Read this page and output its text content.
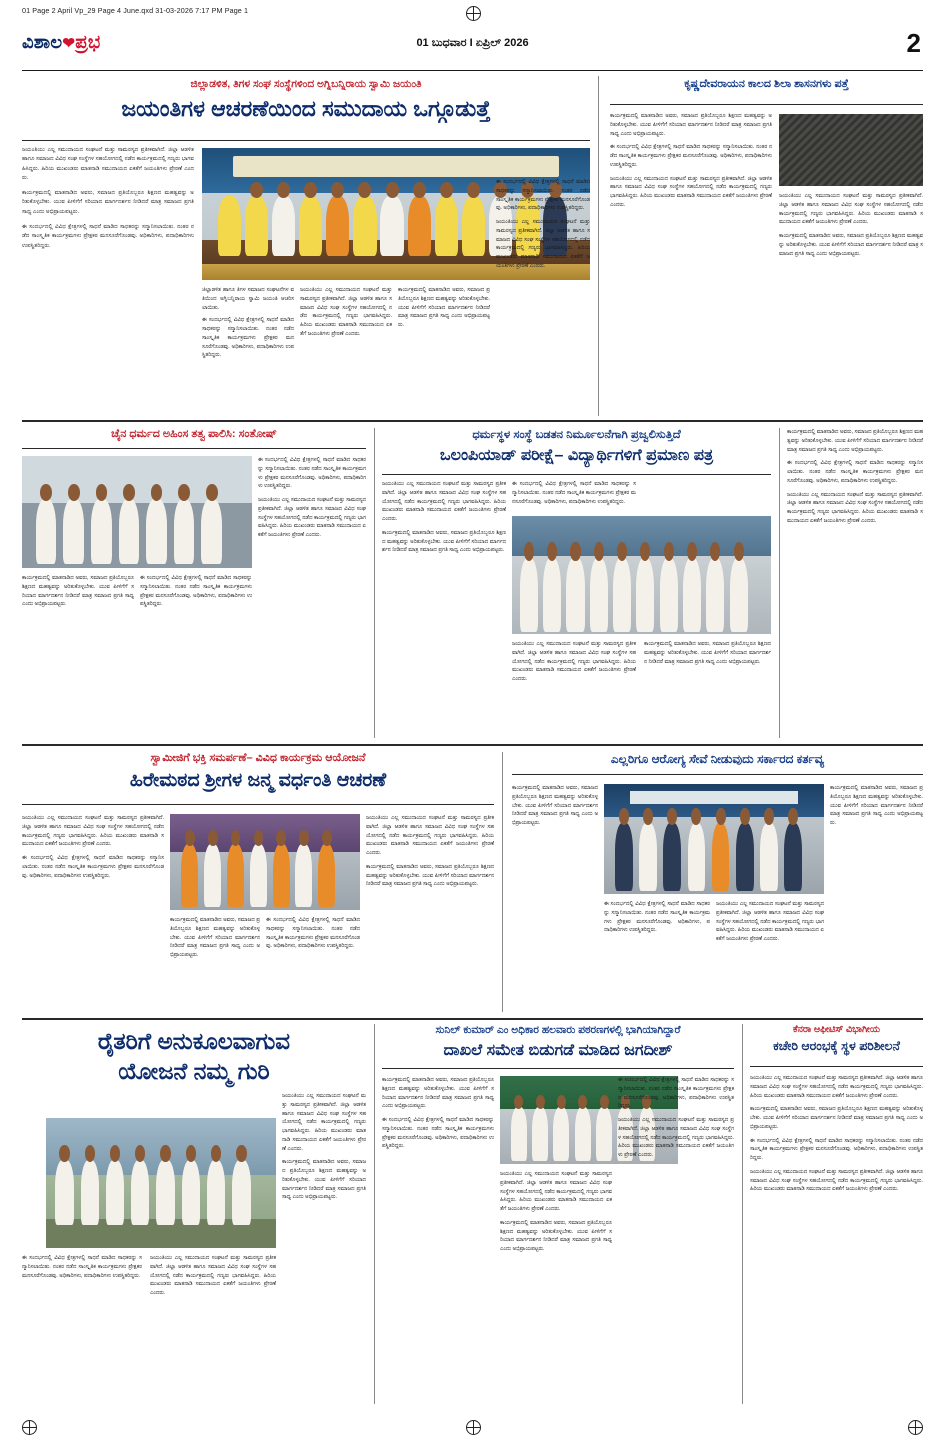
01 Page 2 April Vp_29 Page 4 June.qxd 31-03-2026 7:17 PM Page 1
ವಿಶಾಲ❤ಪ್ರಭ	01 ಬುಧವಾರ I ಏಪ್ರಿಲ್ 2026	2
ಜಿಲ್ಲಾಡಳಿತ, ತಿಗಳ ಸಂಘ ಸಂಸ್ಥೆಗಳಿಂದ ಅಗ್ನಿಬನ್ನಿರಾಯ ಸ್ವಾಮಿ ಜಯಂತಿ
ಜಯಂತಿಗಳ ಆಚರಣೆಯಿಂದ ಸಮುದಾಯ ಒಗ್ಗೂಡುತ್ತೆ
ಜಯಂತಿಯು ಎಲ್ಲ ಸಮುದಾಯದ ಸಂಘಟನೆ ಮತ್ತು ಸಾಮರಸ್ಯದ ಪ್ರತೀಕವಾಗಿದೆ. ಜಿಲ್ಲಾ ಆಡಳಿತ ಹಾಗೂ ಸಮಾಜದ ವಿವಿಧ ಸಂಘ ಸಂಸ್ಥೆಗಳ ಸಹಯೋಗದಲ್ಲಿ ನಡೆದ ಕಾರ್ಯಕ್ರಮದಲ್ಲಿ ಗಣ್ಯರು ಭಾಗವಹಿಸಿದ್ದರು. ಹಿರಿಯ ಮುಖಂಡರು ಮಾತನಾಡಿ ಸಮುದಾಯದ ಏಕತೆಗೆ ಜಯಂತಿಗಳು ಪ್ರೇರಣೆ ಎಂದರು.
ಕಾರ್ಯಕ್ರಮದಲ್ಲಿ ಮಾತನಾಡಿದ ಅವರು, ಸಮಾಜದ ಪ್ರತಿಯೊಬ್ಬರೂ ಶಿಕ್ಷಣದ ಮಹತ್ವವನ್ನು ಅರಿತುಕೊಳ್ಳಬೇಕು. ಯುವ ಪೀಳಿಗೆಗೆ ಸರಿಯಾದ ಮಾರ್ಗದರ್ಶನ ನೀಡಿದರೆ ಮಾತ್ರ ಸಮಾಜದ ಪ್ರಗತಿ ಸಾಧ್ಯ ಎಂದು ಅಭಿಪ್ರಾಯಪಟ್ಟರು.
ಈ ಸಂದರ್ಭದಲ್ಲಿ ವಿವಿಧ ಕ್ಷೇತ್ರಗಳಲ್ಲಿ ಸಾಧನೆ ಮಾಡಿದ ಸಾಧಕರನ್ನು ಸನ್ಮಾನಿಸಲಾಯಿತು. ನಂತರ ನಡೆದ ಸಾಂಸ್ಕೃತಿಕ ಕಾರ್ಯಕ್ರಮಗಳು ಪ್ರೇಕ್ಷಕರ ಮನಸೂರೆಗೊಂಡವು. ಅಧಿಕಾರಿಗಳು, ಪದಾಧಿಕಾರಿಗಳು ಉಪಸ್ಥಿತರಿದ್ದರು.
ಜಿಲ್ಲಾಡಳಿತ ಹಾಗೂ ತಿಗಳ ಸಮಾಜದ ಸಂಘಟನೆಗಳ ವತಿಯಿಂದ ಅಗ್ನಿಬನ್ನಿರಾಯ ಸ್ವಾಮಿ ಜಯಂತಿ ಆಚರಿಸಲಾಯಿತು.
ಈ ಸಂದರ್ಭದಲ್ಲಿ ವಿವಿಧ ಕ್ಷೇತ್ರಗಳಲ್ಲಿ ಸಾಧನೆ ಮಾಡಿದ ಸಾಧಕರನ್ನು ಸನ್ಮಾನಿಸಲಾಯಿತು. ನಂತರ ನಡೆದ ಸಾಂಸ್ಕೃತಿಕ ಕಾರ್ಯಕ್ರಮಗಳು ಪ್ರೇಕ್ಷಕರ ಮನಸೂರೆಗೊಂಡವು. ಅಧಿಕಾರಿಗಳು, ಪದಾಧಿಕಾರಿಗಳು ಉಪಸ್ಥಿತರಿದ್ದರು.
ಜಯಂತಿಯು ಎಲ್ಲ ಸಮುದಾಯದ ಸಂಘಟನೆ ಮತ್ತು ಸಾಮರಸ್ಯದ ಪ್ರತೀಕವಾಗಿದೆ. ಜಿಲ್ಲಾ ಆಡಳಿತ ಹಾಗೂ ಸಮಾಜದ ವಿವಿಧ ಸಂಘ ಸಂಸ್ಥೆಗಳ ಸಹಯೋಗದಲ್ಲಿ ನಡೆದ ಕಾರ್ಯಕ್ರಮದಲ್ಲಿ ಗಣ್ಯರು ಭಾಗವಹಿಸಿದ್ದರು. ಹಿರಿಯ ಮುಖಂಡರು ಮಾತನಾಡಿ ಸಮುದಾಯದ ಏಕತೆಗೆ ಜಯಂತಿಗಳು ಪ್ರೇರಣೆ ಎಂದರು.
ಕಾರ್ಯಕ್ರಮದಲ್ಲಿ ಮಾತನಾಡಿದ ಅವರು, ಸಮಾಜದ ಪ್ರತಿಯೊಬ್ಬರೂ ಶಿಕ್ಷಣದ ಮಹತ್ವವನ್ನು ಅರಿತುಕೊಳ್ಳಬೇಕು. ಯುವ ಪೀಳಿಗೆಗೆ ಸರಿಯಾದ ಮಾರ್ಗದರ್ಶನ ನೀಡಿದರೆ ಮಾತ್ರ ಸಮಾಜದ ಪ್ರಗತಿ ಸಾಧ್ಯ ಎಂದು ಅಭಿಪ್ರಾಯಪಟ್ಟರು.
ಈ ಸಂದರ್ಭದಲ್ಲಿ ವಿವಿಧ ಕ್ಷೇತ್ರಗಳಲ್ಲಿ ಸಾಧನೆ ಮಾಡಿದ ಸಾಧಕರನ್ನು ಸನ್ಮಾನಿಸಲಾಯಿತು. ನಂತರ ನಡೆದ ಸಾಂಸ್ಕೃತಿಕ ಕಾರ್ಯಕ್ರಮಗಳು ಪ್ರೇಕ್ಷಕರ ಮನಸೂರೆಗೊಂಡವು. ಅಧಿಕಾರಿಗಳು, ಪದಾಧಿಕಾರಿಗಳು ಉಪಸ್ಥಿತರಿದ್ದರು.
ಜಯಂತಿಯು ಎಲ್ಲ ಸಮುದಾಯದ ಸಂಘಟನೆ ಮತ್ತು ಸಾಮರಸ್ಯದ ಪ್ರತೀಕವಾಗಿದೆ. ಜಿಲ್ಲಾ ಆಡಳಿತ ಹಾಗೂ ಸಮಾಜದ ವಿವಿಧ ಸಂಘ ಸಂಸ್ಥೆಗಳ ಸಹಯೋಗದಲ್ಲಿ ನಡೆದ ಕಾರ್ಯಕ್ರಮದಲ್ಲಿ ಗಣ್ಯರು ಭಾಗವಹಿಸಿದ್ದರು. ಹಿರಿಯ ಮುಖಂಡರು ಮಾತನಾಡಿ ಸಮುದಾಯದ ಏಕತೆಗೆ ಜಯಂತಿಗಳು ಪ್ರೇರಣೆ ಎಂದರು.
ಕೃಷ್ಣದೇವರಾಯನ ಕಾಲದ ಶಿಲಾ ಶಾಸನಗಳು ಪತ್ತೆ
ಕಾರ್ಯಕ್ರಮದಲ್ಲಿ ಮಾತನಾಡಿದ ಅವರು, ಸಮಾಜದ ಪ್ರತಿಯೊಬ್ಬರೂ ಶಿಕ್ಷಣದ ಮಹತ್ವವನ್ನು ಅರಿತುಕೊಳ್ಳಬೇಕು. ಯುವ ಪೀಳಿಗೆಗೆ ಸರಿಯಾದ ಮಾರ್ಗದರ್ಶನ ನೀಡಿದರೆ ಮಾತ್ರ ಸಮಾಜದ ಪ್ರಗತಿ ಸಾಧ್ಯ ಎಂದು ಅಭಿಪ್ರಾಯಪಟ್ಟರು.
ಈ ಸಂದರ್ಭದಲ್ಲಿ ವಿವಿಧ ಕ್ಷೇತ್ರಗಳಲ್ಲಿ ಸಾಧನೆ ಮಾಡಿದ ಸಾಧಕರನ್ನು ಸನ್ಮಾನಿಸಲಾಯಿತು. ನಂತರ ನಡೆದ ಸಾಂಸ್ಕೃತಿಕ ಕಾರ್ಯಕ್ರಮಗಳು ಪ್ರೇಕ್ಷಕರ ಮನಸೂರೆಗೊಂಡವು. ಅಧಿಕಾರಿಗಳು, ಪದಾಧಿಕಾರಿಗಳು ಉಪಸ್ಥಿತರಿದ್ದರು.
ಜಯಂತಿಯು ಎಲ್ಲ ಸಮುದಾಯದ ಸಂಘಟನೆ ಮತ್ತು ಸಾಮರಸ್ಯದ ಪ್ರತೀಕವಾಗಿದೆ. ಜಿಲ್ಲಾ ಆಡಳಿತ ಹಾಗೂ ಸಮಾಜದ ವಿವಿಧ ಸಂಘ ಸಂಸ್ಥೆಗಳ ಸಹಯೋಗದಲ್ಲಿ ನಡೆದ ಕಾರ್ಯಕ್ರಮದಲ್ಲಿ ಗಣ್ಯರು ಭಾಗವಹಿಸಿದ್ದರು. ಹಿರಿಯ ಮುಖಂಡರು ಮಾತನಾಡಿ ಸಮುದಾಯದ ಏಕತೆಗೆ ಜಯಂತಿಗಳು ಪ್ರೇರಣೆ ಎಂದರು.
ಜಯಂತಿಯು ಎಲ್ಲ ಸಮುದಾಯದ ಸಂಘಟನೆ ಮತ್ತು ಸಾಮರಸ್ಯದ ಪ್ರತೀಕವಾಗಿದೆ. ಜಿಲ್ಲಾ ಆಡಳಿತ ಹಾಗೂ ಸಮಾಜದ ವಿವಿಧ ಸಂಘ ಸಂಸ್ಥೆಗಳ ಸಹಯೋಗದಲ್ಲಿ ನಡೆದ ಕಾರ್ಯಕ್ರಮದಲ್ಲಿ ಗಣ್ಯರು ಭಾಗವಹಿಸಿದ್ದರು. ಹಿರಿಯ ಮುಖಂಡರು ಮಾತನಾಡಿ ಸಮುದಾಯದ ಏಕತೆಗೆ ಜಯಂತಿಗಳು ಪ್ರೇರಣೆ ಎಂದರು.
ಕಾರ್ಯಕ್ರಮದಲ್ಲಿ ಮಾತನಾಡಿದ ಅವರು, ಸಮಾಜದ ಪ್ರತಿಯೊಬ್ಬರೂ ಶಿಕ್ಷಣದ ಮಹತ್ವವನ್ನು ಅರಿತುಕೊಳ್ಳಬೇಕು. ಯುವ ಪೀಳಿಗೆಗೆ ಸರಿಯಾದ ಮಾರ್ಗದರ್ಶನ ನೀಡಿದರೆ ಮಾತ್ರ ಸಮಾಜದ ಪ್ರಗತಿ ಸಾಧ್ಯ ಎಂದು ಅಭಿಪ್ರಾಯಪಟ್ಟರು.
ಚೈನ ಧರ್ಮದ ಅಹಿಂಸ ತತ್ವ ಪಾಲಿಸಿ: ಸಂತೋಷ್
ಈ ಸಂದರ್ಭದಲ್ಲಿ ವಿವಿಧ ಕ್ಷೇತ್ರಗಳಲ್ಲಿ ಸಾಧನೆ ಮಾಡಿದ ಸಾಧಕರನ್ನು ಸನ್ಮಾನಿಸಲಾಯಿತು. ನಂತರ ನಡೆದ ಸಾಂಸ್ಕೃತಿಕ ಕಾರ್ಯಕ್ರಮಗಳು ಪ್ರೇಕ್ಷಕರ ಮನಸೂರೆಗೊಂಡವು. ಅಧಿಕಾರಿಗಳು, ಪದಾಧಿಕಾರಿಗಳು ಉಪಸ್ಥಿತರಿದ್ದರು.
ಜಯಂತಿಯು ಎಲ್ಲ ಸಮುದಾಯದ ಸಂಘಟನೆ ಮತ್ತು ಸಾಮರಸ್ಯದ ಪ್ರತೀಕವಾಗಿದೆ. ಜಿಲ್ಲಾ ಆಡಳಿತ ಹಾಗೂ ಸಮಾಜದ ವಿವಿಧ ಸಂಘ ಸಂಸ್ಥೆಗಳ ಸಹಯೋಗದಲ್ಲಿ ನಡೆದ ಕಾರ್ಯಕ್ರಮದಲ್ಲಿ ಗಣ್ಯರು ಭಾಗವಹಿಸಿದ್ದರು. ಹಿರಿಯ ಮುಖಂಡರು ಮಾತನಾಡಿ ಸಮುದಾಯದ ಏಕತೆಗೆ ಜಯಂತಿಗಳು ಪ್ರೇರಣೆ ಎಂದರು.
ಕಾರ್ಯಕ್ರಮದಲ್ಲಿ ಮಾತನಾಡಿದ ಅವರು, ಸಮಾಜದ ಪ್ರತಿಯೊಬ್ಬರೂ ಶಿಕ್ಷಣದ ಮಹತ್ವವನ್ನು ಅರಿತುಕೊಳ್ಳಬೇಕು. ಯುವ ಪೀಳಿಗೆಗೆ ಸರಿಯಾದ ಮಾರ್ಗದರ್ಶನ ನೀಡಿದರೆ ಮಾತ್ರ ಸಮಾಜದ ಪ್ರಗತಿ ಸಾಧ್ಯ ಎಂದು ಅಭಿಪ್ರಾಯಪಟ್ಟರು.
ಈ ಸಂದರ್ಭದಲ್ಲಿ ವಿವಿಧ ಕ್ಷೇತ್ರಗಳಲ್ಲಿ ಸಾಧನೆ ಮಾಡಿದ ಸಾಧಕರನ್ನು ಸನ್ಮಾನಿಸಲಾಯಿತು. ನಂತರ ನಡೆದ ಸಾಂಸ್ಕೃತಿಕ ಕಾರ್ಯಕ್ರಮಗಳು ಪ್ರೇಕ್ಷಕರ ಮನಸೂರೆಗೊಂಡವು. ಅಧಿಕಾರಿಗಳು, ಪದಾಧಿಕಾರಿಗಳು ಉಪಸ್ಥಿತರಿದ್ದರು.
ಧರ್ಮಸ್ಥಳ ಸಂಸ್ಥೆ ಬಡತನ ನಿರ್ಮೂಲನೆಗಾಗಿ ಪ್ರಜ್ವಲಿಸುತ್ತಿದೆ
ಒಲಂಪಿಯಾಡ್ ಪರೀಕ್ಷೆ– ವಿದ್ಯಾರ್ಥಿಗಳಿಗೆ ಪ್ರಮಾಣ ಪತ್ರ
ಜಯಂತಿಯು ಎಲ್ಲ ಸಮುದಾಯದ ಸಂಘಟನೆ ಮತ್ತು ಸಾಮರಸ್ಯದ ಪ್ರತೀಕವಾಗಿದೆ. ಜಿಲ್ಲಾ ಆಡಳಿತ ಹಾಗೂ ಸಮಾಜದ ವಿವಿಧ ಸಂಘ ಸಂಸ್ಥೆಗಳ ಸಹಯೋಗದಲ್ಲಿ ನಡೆದ ಕಾರ್ಯಕ್ರಮದಲ್ಲಿ ಗಣ್ಯರು ಭಾಗವಹಿಸಿದ್ದರು. ಹಿರಿಯ ಮುಖಂಡರು ಮಾತನಾಡಿ ಸಮುದಾಯದ ಏಕತೆಗೆ ಜಯಂತಿಗಳು ಪ್ರೇರಣೆ ಎಂದರು.
ಕಾರ್ಯಕ್ರಮದಲ್ಲಿ ಮಾತನಾಡಿದ ಅವರು, ಸಮಾಜದ ಪ್ರತಿಯೊಬ್ಬರೂ ಶಿಕ್ಷಣದ ಮಹತ್ವವನ್ನು ಅರಿತುಕೊಳ್ಳಬೇಕು. ಯುವ ಪೀಳಿಗೆಗೆ ಸರಿಯಾದ ಮಾರ್ಗದರ್ಶನ ನೀಡಿದರೆ ಮಾತ್ರ ಸಮಾಜದ ಪ್ರಗತಿ ಸಾಧ್ಯ ಎಂದು ಅಭಿಪ್ರಾಯಪಟ್ಟರು.
ಈ ಸಂದರ್ಭದಲ್ಲಿ ವಿವಿಧ ಕ್ಷೇತ್ರಗಳಲ್ಲಿ ಸಾಧನೆ ಮಾಡಿದ ಸಾಧಕರನ್ನು ಸನ್ಮಾನಿಸಲಾಯಿತು. ನಂತರ ನಡೆದ ಸಾಂಸ್ಕೃತಿಕ ಕಾರ್ಯಕ್ರಮಗಳು ಪ್ರೇಕ್ಷಕರ ಮನಸೂರೆಗೊಂಡವು. ಅಧಿಕಾರಿಗಳು, ಪದಾಧಿಕಾರಿಗಳು ಉಪಸ್ಥಿತರಿದ್ದರು.
ಜಯಂತಿಯು ಎಲ್ಲ ಸಮುದಾಯದ ಸಂಘಟನೆ ಮತ್ತು ಸಾಮರಸ್ಯದ ಪ್ರತೀಕವಾಗಿದೆ. ಜಿಲ್ಲಾ ಆಡಳಿತ ಹಾಗೂ ಸಮಾಜದ ವಿವಿಧ ಸಂಘ ಸಂಸ್ಥೆಗಳ ಸಹಯೋಗದಲ್ಲಿ ನಡೆದ ಕಾರ್ಯಕ್ರಮದಲ್ಲಿ ಗಣ್ಯರು ಭಾಗವಹಿಸಿದ್ದರು. ಹಿರಿಯ ಮುಖಂಡರು ಮಾತನಾಡಿ ಸಮುದಾಯದ ಏಕತೆಗೆ ಜಯಂತಿಗಳು ಪ್ರೇರಣೆ ಎಂದರು.
ಕಾರ್ಯಕ್ರಮದಲ್ಲಿ ಮಾತನಾಡಿದ ಅವರು, ಸಮಾಜದ ಪ್ರತಿಯೊಬ್ಬರೂ ಶಿಕ್ಷಣದ ಮಹತ್ವವನ್ನು ಅರಿತುಕೊಳ್ಳಬೇಕು. ಯುವ ಪೀಳಿಗೆಗೆ ಸರಿಯಾದ ಮಾರ್ಗದರ್ಶನ ನೀಡಿದರೆ ಮಾತ್ರ ಸಮಾಜದ ಪ್ರಗತಿ ಸಾಧ್ಯ ಎಂದು ಅಭಿಪ್ರಾಯಪಟ್ಟರು.
ಕಾರ್ಯಕ್ರಮದಲ್ಲಿ ಮಾತನಾಡಿದ ಅವರು, ಸಮಾಜದ ಪ್ರತಿಯೊಬ್ಬರೂ ಶಿಕ್ಷಣದ ಮಹತ್ವವನ್ನು ಅರಿತುಕೊಳ್ಳಬೇಕು. ಯುವ ಪೀಳಿಗೆಗೆ ಸರಿಯಾದ ಮಾರ್ಗದರ್ಶನ ನೀಡಿದರೆ ಮಾತ್ರ ಸಮಾಜದ ಪ್ರಗತಿ ಸಾಧ್ಯ ಎಂದು ಅಭಿಪ್ರಾಯಪಟ್ಟರು.
ಈ ಸಂದರ್ಭದಲ್ಲಿ ವಿವಿಧ ಕ್ಷೇತ್ರಗಳಲ್ಲಿ ಸಾಧನೆ ಮಾಡಿದ ಸಾಧಕರನ್ನು ಸನ್ಮಾನಿಸಲಾಯಿತು. ನಂತರ ನಡೆದ ಸಾಂಸ್ಕೃತಿಕ ಕಾರ್ಯಕ್ರಮಗಳು ಪ್ರೇಕ್ಷಕರ ಮನಸೂರೆಗೊಂಡವು. ಅಧಿಕಾರಿಗಳು, ಪದಾಧಿಕಾರಿಗಳು ಉಪಸ್ಥಿತರಿದ್ದರು.
ಜಯಂತಿಯು ಎಲ್ಲ ಸಮುದಾಯದ ಸಂಘಟನೆ ಮತ್ತು ಸಾಮರಸ್ಯದ ಪ್ರತೀಕವಾಗಿದೆ. ಜಿಲ್ಲಾ ಆಡಳಿತ ಹಾಗೂ ಸಮಾಜದ ವಿವಿಧ ಸಂಘ ಸಂಸ್ಥೆಗಳ ಸಹಯೋಗದಲ್ಲಿ ನಡೆದ ಕಾರ್ಯಕ್ರಮದಲ್ಲಿ ಗಣ್ಯರು ಭಾಗವಹಿಸಿದ್ದರು. ಹಿರಿಯ ಮುಖಂಡರು ಮಾತನಾಡಿ ಸಮುದಾಯದ ಏಕತೆಗೆ ಜಯಂತಿಗಳು ಪ್ರೇರಣೆ ಎಂದರು.
ಸ್ವಾಮೀಜಿಗೆ ಭಕ್ತಿ ಸಮರ್ಪಣೆ– ವಿವಿಧ ಕಾರ್ಯಕ್ರಮ ಆಯೋಜನೆ
ಹಿರೇಮಠದ ಶ್ರೀಗಳ ಜನ್ಮ ವರ್ಧಂತಿ ಆಚರಣೆ
ಜಯಂತಿಯು ಎಲ್ಲ ಸಮುದಾಯದ ಸಂಘಟನೆ ಮತ್ತು ಸಾಮರಸ್ಯದ ಪ್ರತೀಕವಾಗಿದೆ. ಜಿಲ್ಲಾ ಆಡಳಿತ ಹಾಗೂ ಸಮಾಜದ ವಿವಿಧ ಸಂಘ ಸಂಸ್ಥೆಗಳ ಸಹಯೋಗದಲ್ಲಿ ನಡೆದ ಕಾರ್ಯಕ್ರಮದಲ್ಲಿ ಗಣ್ಯರು ಭಾಗವಹಿಸಿದ್ದರು. ಹಿರಿಯ ಮುಖಂಡರು ಮಾತನಾಡಿ ಸಮುದಾಯದ ಏಕತೆಗೆ ಜಯಂತಿಗಳು ಪ್ರೇರಣೆ ಎಂದರು.
ಈ ಸಂದರ್ಭದಲ್ಲಿ ವಿವಿಧ ಕ್ಷೇತ್ರಗಳಲ್ಲಿ ಸಾಧನೆ ಮಾಡಿದ ಸಾಧಕರನ್ನು ಸನ್ಮಾನಿಸಲಾಯಿತು. ನಂತರ ನಡೆದ ಸಾಂಸ್ಕೃತಿಕ ಕಾರ್ಯಕ್ರಮಗಳು ಪ್ರೇಕ್ಷಕರ ಮನಸೂರೆಗೊಂಡವು. ಅಧಿಕಾರಿಗಳು, ಪದಾಧಿಕಾರಿಗಳು ಉಪಸ್ಥಿತರಿದ್ದರು.
ಕಾರ್ಯಕ್ರಮದಲ್ಲಿ ಮಾತನಾಡಿದ ಅವರು, ಸಮಾಜದ ಪ್ರತಿಯೊಬ್ಬರೂ ಶಿಕ್ಷಣದ ಮಹತ್ವವನ್ನು ಅರಿತುಕೊಳ್ಳಬೇಕು. ಯುವ ಪೀಳಿಗೆಗೆ ಸರಿಯಾದ ಮಾರ್ಗದರ್ಶನ ನೀಡಿದರೆ ಮಾತ್ರ ಸಮಾಜದ ಪ್ರಗತಿ ಸಾಧ್ಯ ಎಂದು ಅಭಿಪ್ರಾಯಪಟ್ಟರು.
ಈ ಸಂದರ್ಭದಲ್ಲಿ ವಿವಿಧ ಕ್ಷೇತ್ರಗಳಲ್ಲಿ ಸಾಧನೆ ಮಾಡಿದ ಸಾಧಕರನ್ನು ಸನ್ಮಾನಿಸಲಾಯಿತು. ನಂತರ ನಡೆದ ಸಾಂಸ್ಕೃತಿಕ ಕಾರ್ಯಕ್ರಮಗಳು ಪ್ರೇಕ್ಷಕರ ಮನಸೂರೆಗೊಂಡವು. ಅಧಿಕಾರಿಗಳು, ಪದಾಧಿಕಾರಿಗಳು ಉಪಸ್ಥಿತರಿದ್ದರು.
ಜಯಂತಿಯು ಎಲ್ಲ ಸಮುದಾಯದ ಸಂಘಟನೆ ಮತ್ತು ಸಾಮರಸ್ಯದ ಪ್ರತೀಕವಾಗಿದೆ. ಜಿಲ್ಲಾ ಆಡಳಿತ ಹಾಗೂ ಸಮಾಜದ ವಿವಿಧ ಸಂಘ ಸಂಸ್ಥೆಗಳ ಸಹಯೋಗದಲ್ಲಿ ನಡೆದ ಕಾರ್ಯಕ್ರಮದಲ್ಲಿ ಗಣ್ಯರು ಭಾಗವಹಿಸಿದ್ದರು. ಹಿರಿಯ ಮುಖಂಡರು ಮಾತನಾಡಿ ಸಮುದಾಯದ ಏಕತೆಗೆ ಜಯಂತಿಗಳು ಪ್ರೇರಣೆ ಎಂದರು.
ಕಾರ್ಯಕ್ರಮದಲ್ಲಿ ಮಾತನಾಡಿದ ಅವರು, ಸಮಾಜದ ಪ್ರತಿಯೊಬ್ಬರೂ ಶಿಕ್ಷಣದ ಮಹತ್ವವನ್ನು ಅರಿತುಕೊಳ್ಳಬೇಕು. ಯುವ ಪೀಳಿಗೆಗೆ ಸರಿಯಾದ ಮಾರ್ಗದರ್ಶನ ನೀಡಿದರೆ ಮಾತ್ರ ಸಮಾಜದ ಪ್ರಗತಿ ಸಾಧ್ಯ ಎಂದು ಅಭಿಪ್ರಾಯಪಟ್ಟರು.
ಎಲ್ಲರಿಗೂ ಆರೋಗ್ಯ ಸೇವೆ ನೀಡುವುದು ಸರ್ಕಾರದ ಕರ್ತವ್ಯ
ಕಾರ್ಯಕ್ರಮದಲ್ಲಿ ಮಾತನಾಡಿದ ಅವರು, ಸಮಾಜದ ಪ್ರತಿಯೊಬ್ಬರೂ ಶಿಕ್ಷಣದ ಮಹತ್ವವನ್ನು ಅರಿತುಕೊಳ್ಳಬೇಕು. ಯುವ ಪೀಳಿಗೆಗೆ ಸರಿಯಾದ ಮಾರ್ಗದರ್ಶನ ನೀಡಿದರೆ ಮಾತ್ರ ಸಮಾಜದ ಪ್ರಗತಿ ಸಾಧ್ಯ ಎಂದು ಅಭಿಪ್ರಾಯಪಟ್ಟರು.
ಈ ಸಂದರ್ಭದಲ್ಲಿ ವಿವಿಧ ಕ್ಷೇತ್ರಗಳಲ್ಲಿ ಸಾಧನೆ ಮಾಡಿದ ಸಾಧಕರನ್ನು ಸನ್ಮಾನಿಸಲಾಯಿತು. ನಂತರ ನಡೆದ ಸಾಂಸ್ಕೃತಿಕ ಕಾರ್ಯಕ್ರಮಗಳು ಪ್ರೇಕ್ಷಕರ ಮನಸೂರೆಗೊಂಡವು. ಅಧಿಕಾರಿಗಳು, ಪದಾಧಿಕಾರಿಗಳು ಉಪಸ್ಥಿತರಿದ್ದರು.
ಜಯಂತಿಯು ಎಲ್ಲ ಸಮುದಾಯದ ಸಂಘಟನೆ ಮತ್ತು ಸಾಮರಸ್ಯದ ಪ್ರತೀಕವಾಗಿದೆ. ಜಿಲ್ಲಾ ಆಡಳಿತ ಹಾಗೂ ಸಮಾಜದ ವಿವಿಧ ಸಂಘ ಸಂಸ್ಥೆಗಳ ಸಹಯೋಗದಲ್ಲಿ ನಡೆದ ಕಾರ್ಯಕ್ರಮದಲ್ಲಿ ಗಣ್ಯರು ಭಾಗವಹಿಸಿದ್ದರು. ಹಿರಿಯ ಮುಖಂಡರು ಮಾತನಾಡಿ ಸಮುದಾಯದ ಏಕತೆಗೆ ಜಯಂತಿಗಳು ಪ್ರೇರಣೆ ಎಂದರು.
ಕಾರ್ಯಕ್ರಮದಲ್ಲಿ ಮಾತನಾಡಿದ ಅವರು, ಸಮಾಜದ ಪ್ರತಿಯೊಬ್ಬರೂ ಶಿಕ್ಷಣದ ಮಹತ್ವವನ್ನು ಅರಿತುಕೊಳ್ಳಬೇಕು. ಯುವ ಪೀಳಿಗೆಗೆ ಸರಿಯಾದ ಮಾರ್ಗದರ್ಶನ ನೀಡಿದರೆ ಮಾತ್ರ ಸಮಾಜದ ಪ್ರಗತಿ ಸಾಧ್ಯ ಎಂದು ಅಭಿಪ್ರಾಯಪಟ್ಟರು.
ರೈತರಿಗೆ ಅನುಕೂಲವಾಗುವ
ಯೋಜನೆ ನಮ್ಮ ಗುರಿ
ಜಯಂತಿಯು ಎಲ್ಲ ಸಮುದಾಯದ ಸಂಘಟನೆ ಮತ್ತು ಸಾಮರಸ್ಯದ ಪ್ರತೀಕವಾಗಿದೆ. ಜಿಲ್ಲಾ ಆಡಳಿತ ಹಾಗೂ ಸಮಾಜದ ವಿವಿಧ ಸಂಘ ಸಂಸ್ಥೆಗಳ ಸಹಯೋಗದಲ್ಲಿ ನಡೆದ ಕಾರ್ಯಕ್ರಮದಲ್ಲಿ ಗಣ್ಯರು ಭಾಗವಹಿಸಿದ್ದರು. ಹಿರಿಯ ಮುಖಂಡರು ಮಾತನಾಡಿ ಸಮುದಾಯದ ಏಕತೆಗೆ ಜಯಂತಿಗಳು ಪ್ರೇರಣೆ ಎಂದರು.
ಕಾರ್ಯಕ್ರಮದಲ್ಲಿ ಮಾತನಾಡಿದ ಅವರು, ಸಮಾಜದ ಪ್ರತಿಯೊಬ್ಬರೂ ಶಿಕ್ಷಣದ ಮಹತ್ವವನ್ನು ಅರಿತುಕೊಳ್ಳಬೇಕು. ಯುವ ಪೀಳಿಗೆಗೆ ಸರಿಯಾದ ಮಾರ್ಗದರ್ಶನ ನೀಡಿದರೆ ಮಾತ್ರ ಸಮಾಜದ ಪ್ರಗತಿ ಸಾಧ್ಯ ಎಂದು ಅಭಿಪ್ರಾಯಪಟ್ಟರು.
ಈ ಸಂದರ್ಭದಲ್ಲಿ ವಿವಿಧ ಕ್ಷೇತ್ರಗಳಲ್ಲಿ ಸಾಧನೆ ಮಾಡಿದ ಸಾಧಕರನ್ನು ಸನ್ಮಾನಿಸಲಾಯಿತು. ನಂತರ ನಡೆದ ಸಾಂಸ್ಕೃತಿಕ ಕಾರ್ಯಕ್ರಮಗಳು ಪ್ರೇಕ್ಷಕರ ಮನಸೂರೆಗೊಂಡವು. ಅಧಿಕಾರಿಗಳು, ಪದಾಧಿಕಾರಿಗಳು ಉಪಸ್ಥಿತರಿದ್ದರು.
ಜಯಂತಿಯು ಎಲ್ಲ ಸಮುದಾಯದ ಸಂಘಟನೆ ಮತ್ತು ಸಾಮರಸ್ಯದ ಪ್ರತೀಕವಾಗಿದೆ. ಜಿಲ್ಲಾ ಆಡಳಿತ ಹಾಗೂ ಸಮಾಜದ ವಿವಿಧ ಸಂಘ ಸಂಸ್ಥೆಗಳ ಸಹಯೋಗದಲ್ಲಿ ನಡೆದ ಕಾರ್ಯಕ್ರಮದಲ್ಲಿ ಗಣ್ಯರು ಭಾಗವಹಿಸಿದ್ದರು. ಹಿರಿಯ ಮುಖಂಡರು ಮಾತನಾಡಿ ಸಮುದಾಯದ ಏಕತೆಗೆ ಜಯಂತಿಗಳು ಪ್ರೇರಣೆ ಎಂದರು.
ಸುನಿಲ್ ಕುಮಾರ್ ಎಂ ಅಧಿಕಾರ ಹಲವಾರು ಪಠರಣಗಳಲ್ಲಿ ಭಾಗಿಯಾಗಿದ್ದಾರೆ
ದಾಖಲೆ ಸಮೇತ ಬಿಡುಗಡೆ ಮಾಡಿದ ಜಗದೀಶ್
ಕಾರ್ಯಕ್ರಮದಲ್ಲಿ ಮಾತನಾಡಿದ ಅವರು, ಸಮಾಜದ ಪ್ರತಿಯೊಬ್ಬರೂ ಶಿಕ್ಷಣದ ಮಹತ್ವವನ್ನು ಅರಿತುಕೊಳ್ಳಬೇಕು. ಯುವ ಪೀಳಿಗೆಗೆ ಸರಿಯಾದ ಮಾರ್ಗದರ್ಶನ ನೀಡಿದರೆ ಮಾತ್ರ ಸಮಾಜದ ಪ್ರಗತಿ ಸಾಧ್ಯ ಎಂದು ಅಭಿಪ್ರಾಯಪಟ್ಟರು.
ಈ ಸಂದರ್ಭದಲ್ಲಿ ವಿವಿಧ ಕ್ಷೇತ್ರಗಳಲ್ಲಿ ಸಾಧನೆ ಮಾಡಿದ ಸಾಧಕರನ್ನು ಸನ್ಮಾನಿಸಲಾಯಿತು. ನಂತರ ನಡೆದ ಸಾಂಸ್ಕೃತಿಕ ಕಾರ್ಯಕ್ರಮಗಳು ಪ್ರೇಕ್ಷಕರ ಮನಸೂರೆಗೊಂಡವು. ಅಧಿಕಾರಿಗಳು, ಪದಾಧಿಕಾರಿಗಳು ಉಪಸ್ಥಿತರಿದ್ದರು.
ಜಯಂತಿಯು ಎಲ್ಲ ಸಮುದಾಯದ ಸಂಘಟನೆ ಮತ್ತು ಸಾಮರಸ್ಯದ ಪ್ರತೀಕವಾಗಿದೆ. ಜಿಲ್ಲಾ ಆಡಳಿತ ಹಾಗೂ ಸಮಾಜದ ವಿವಿಧ ಸಂಘ ಸಂಸ್ಥೆಗಳ ಸಹಯೋಗದಲ್ಲಿ ನಡೆದ ಕಾರ್ಯಕ್ರಮದಲ್ಲಿ ಗಣ್ಯರು ಭಾಗವಹಿಸಿದ್ದರು. ಹಿರಿಯ ಮುಖಂಡರು ಮಾತನಾಡಿ ಸಮುದಾಯದ ಏಕತೆಗೆ ಜಯಂತಿಗಳು ಪ್ರೇರಣೆ ಎಂದರು.
ಕಾರ್ಯಕ್ರಮದಲ್ಲಿ ಮಾತನಾಡಿದ ಅವರು, ಸಮಾಜದ ಪ್ರತಿಯೊಬ್ಬರೂ ಶಿಕ್ಷಣದ ಮಹತ್ವವನ್ನು ಅರಿತುಕೊಳ್ಳಬೇಕು. ಯುವ ಪೀಳಿಗೆಗೆ ಸರಿಯಾದ ಮಾರ್ಗದರ್ಶನ ನೀಡಿದರೆ ಮಾತ್ರ ಸಮಾಜದ ಪ್ರಗತಿ ಸಾಧ್ಯ ಎಂದು ಅಭಿಪ್ರಾಯಪಟ್ಟರು.
ಈ ಸಂದರ್ಭದಲ್ಲಿ ವಿವಿಧ ಕ್ಷೇತ್ರಗಳಲ್ಲಿ ಸಾಧನೆ ಮಾಡಿದ ಸಾಧಕರನ್ನು ಸನ್ಮಾನಿಸಲಾಯಿತು. ನಂತರ ನಡೆದ ಸಾಂಸ್ಕೃತಿಕ ಕಾರ್ಯಕ್ರಮಗಳು ಪ್ರೇಕ್ಷಕರ ಮನಸೂರೆಗೊಂಡವು. ಅಧಿಕಾರಿಗಳು, ಪದಾಧಿಕಾರಿಗಳು ಉಪಸ್ಥಿತರಿದ್ದರು.
ಜಯಂತಿಯು ಎಲ್ಲ ಸಮುದಾಯದ ಸಂಘಟನೆ ಮತ್ತು ಸಾಮರಸ್ಯದ ಪ್ರತೀಕವಾಗಿದೆ. ಜಿಲ್ಲಾ ಆಡಳಿತ ಹಾಗೂ ಸಮಾಜದ ವಿವಿಧ ಸಂಘ ಸಂಸ್ಥೆಗಳ ಸಹಯೋಗದಲ್ಲಿ ನಡೆದ ಕಾರ್ಯಕ್ರಮದಲ್ಲಿ ಗಣ್ಯರು ಭಾಗವಹಿಸಿದ್ದರು. ಹಿರಿಯ ಮುಖಂಡರು ಮಾತನಾಡಿ ಸಮುದಾಯದ ಏಕತೆಗೆ ಜಯಂತಿಗಳು ಪ್ರೇರಣೆ ಎಂದರು.
ಕೆನರಾ ಆಫೀಟಿಸ್ ವಿಭಾಗೀಯ
ಕಚೇರಿ ಆರಂಭಕ್ಕೆ ಸ್ಥಳ ಪರಿಶೀಲನೆ
ಜಯಂತಿಯು ಎಲ್ಲ ಸಮುದಾಯದ ಸಂಘಟನೆ ಮತ್ತು ಸಾಮರಸ್ಯದ ಪ್ರತೀಕವಾಗಿದೆ. ಜಿಲ್ಲಾ ಆಡಳಿತ ಹಾಗೂ ಸಮಾಜದ ವಿವಿಧ ಸಂಘ ಸಂಸ್ಥೆಗಳ ಸಹಯೋಗದಲ್ಲಿ ನಡೆದ ಕಾರ್ಯಕ್ರಮದಲ್ಲಿ ಗಣ್ಯರು ಭಾಗವಹಿಸಿದ್ದರು. ಹಿರಿಯ ಮುಖಂಡರು ಮಾತನಾಡಿ ಸಮುದಾಯದ ಏಕತೆಗೆ ಜಯಂತಿಗಳು ಪ್ರೇರಣೆ ಎಂದರು.
ಕಾರ್ಯಕ್ರಮದಲ್ಲಿ ಮಾತನಾಡಿದ ಅವರು, ಸಮಾಜದ ಪ್ರತಿಯೊಬ್ಬರೂ ಶಿಕ್ಷಣದ ಮಹತ್ವವನ್ನು ಅರಿತುಕೊಳ್ಳಬೇಕು. ಯುವ ಪೀಳಿಗೆಗೆ ಸರಿಯಾದ ಮಾರ್ಗದರ್ಶನ ನೀಡಿದರೆ ಮಾತ್ರ ಸಮಾಜದ ಪ್ರಗತಿ ಸಾಧ್ಯ ಎಂದು ಅಭಿಪ್ರಾಯಪಟ್ಟರು.
ಈ ಸಂದರ್ಭದಲ್ಲಿ ವಿವಿಧ ಕ್ಷೇತ್ರಗಳಲ್ಲಿ ಸಾಧನೆ ಮಾಡಿದ ಸಾಧಕರನ್ನು ಸನ್ಮಾನಿಸಲಾಯಿತು. ನಂತರ ನಡೆದ ಸಾಂಸ್ಕೃತಿಕ ಕಾರ್ಯಕ್ರಮಗಳು ಪ್ರೇಕ್ಷಕರ ಮನಸೂರೆಗೊಂಡವು. ಅಧಿಕಾರಿಗಳು, ಪದಾಧಿಕಾರಿಗಳು ಉಪಸ್ಥಿತರಿದ್ದರು.
ಜಯಂತಿಯು ಎಲ್ಲ ಸಮುದಾಯದ ಸಂಘಟನೆ ಮತ್ತು ಸಾಮರಸ್ಯದ ಪ್ರತೀಕವಾಗಿದೆ. ಜಿಲ್ಲಾ ಆಡಳಿತ ಹಾಗೂ ಸಮಾಜದ ವಿವಿಧ ಸಂಘ ಸಂಸ್ಥೆಗಳ ಸಹಯೋಗದಲ್ಲಿ ನಡೆದ ಕಾರ್ಯಕ್ರಮದಲ್ಲಿ ಗಣ್ಯರು ಭಾಗವಹಿಸಿದ್ದರು. ಹಿರಿಯ ಮುಖಂಡರು ಮಾತನಾಡಿ ಸಮುದಾಯದ ಏಕತೆಗೆ ಜಯಂತಿಗಳು ಪ್ರೇರಣೆ ಎಂದರು.
